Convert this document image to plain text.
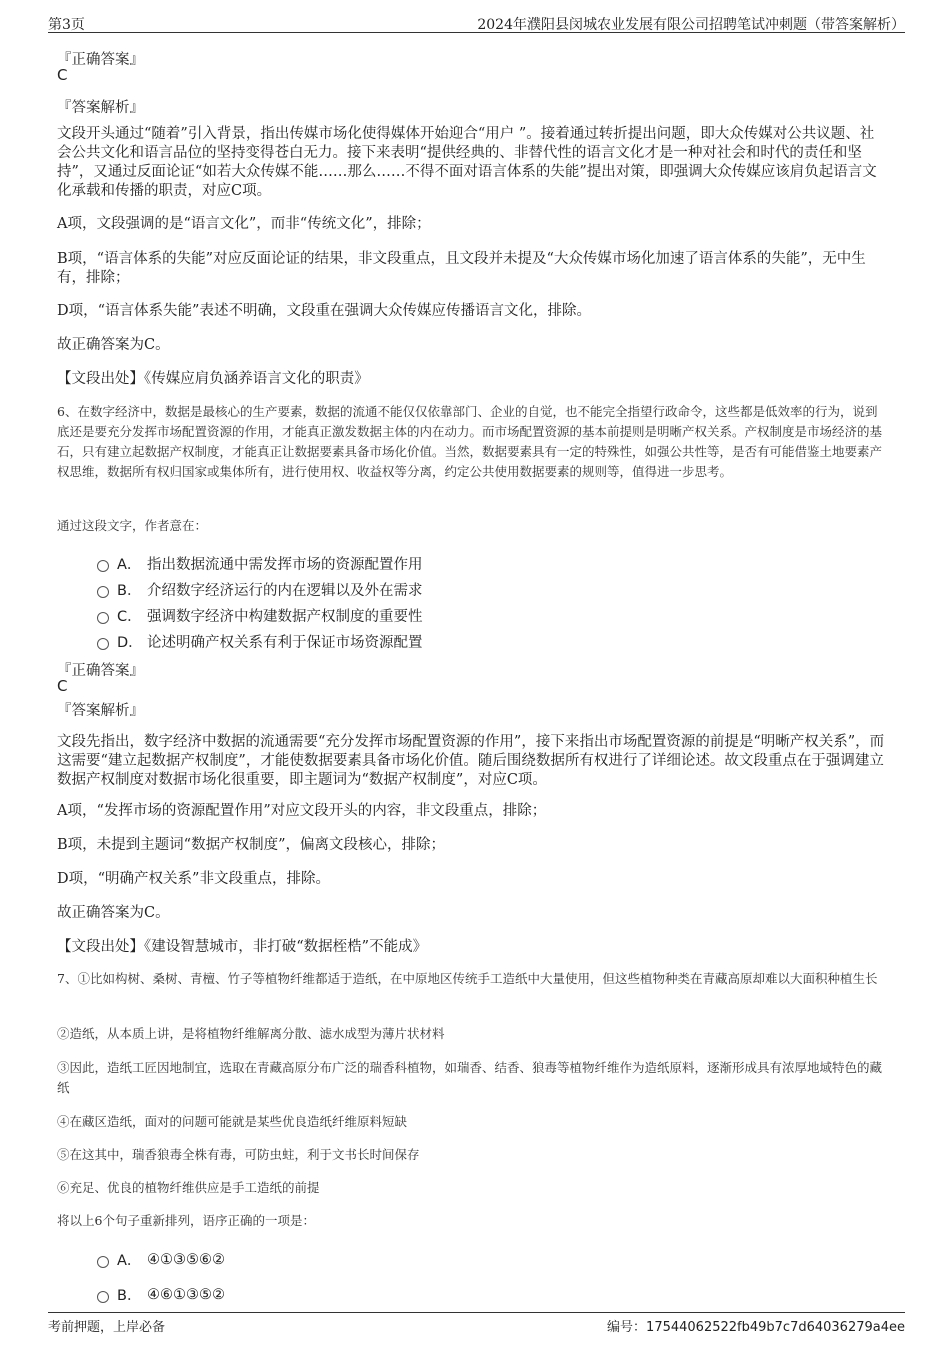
第3页	2024年濮阳县闵城农业发展有限公司招聘笔试冲刺题（带答案解析）
『正确答案』
C
『答案解析』
文段开头通过“随着”引入背景，指出传媒市场化使得媒体开始迎合“用户 ”。接着通过转折提出问题，即大众传媒对公共议题、社会公共文化和语言品位的坚持变得苍白无力。接下来表明“提供经典的、非替代性的语言文化才是一种对社会和时代的责任和坚持”，又通过反面论证“如若大众传媒不能……那么……不得不面对语言体系的失能”提出对策，即强调大众传媒应该肩负起语言文化承载和传播的职责，对应C项。
A项，文段强调的是“语言文化”，而非“传统文化”，排除；
B项，“语言体系的失能”对应反面论证的结果，非文段重点，且文段并未提及“大众传媒市场化加速了语言体系的失能”，无中生有，排除；
D项，“语言体系失能”表述不明确，文段重在强调大众传媒应传播语言文化，排除。
故正确答案为C。
【文段出处】《传媒应肩负涵养语言文化的职责》
6、在数字经济中，数据是最核心的生产要素，数据的流通不能仅仅依靠部门、企业的自觉，也不能完全指望行政命令，这些都是低效率的行为，说到底还是要充分发挥市场配置资源的作用，才能真正激发数据主体的内在动力。而市场配置资源的基本前提则是明晰产权关系。产权制度是市场经济的基石，只有建立起数据产权制度，才能真正让数据要素具备市场化价值。当然，数据要素具有一定的特殊性，如强公共性等，是否有可能借鉴土地要素产权思维，数据所有权归国家或集体所有，进行使用权、收益权等分离，约定公共使用数据要素的规则等，值得进一步思考。
通过这段文字，作者意在：
A． 指出数据流通中需发挥市场的资源配置作用
B． 介绍数字经济运行的内在逻辑以及外在需求
C． 强调数字经济中构建数据产权制度的重要性
D． 论述明确产权关系有利于保证市场资源配置
『正确答案』
C
『答案解析』
文段先指出，数字经济中数据的流通需要“充分发挥市场配置资源的作用”，接下来指出市场配置资源的前提是“明晰产权关系”，而这需要“建立起数据产权制度”，才能使数据要素具备市场化价值。随后围绕数据所有权进行了详细论述。故文段重点在于强调建立数据产权制度对数据市场化很重要，即主题词为“数据产权制度”，对应C项。
A项，“发挥市场的资源配置作用”对应文段开头的内容，非文段重点，排除；
B项，未提到主题词“数据产权制度”，偏离文段核心，排除；
D项，“明确产权关系”非文段重点，排除。
故正确答案为C。
【文段出处】《建设智慧城市，非打破“数据桎梏”不能成》
7、①比如构树、桑树、青檀、竹子等植物纤维都适于造纸，在中原地区传统手工造纸中大量使用，但这些植物种类在青藏高原却难以大面积种植生长
②造纸，从本质上讲，是将植物纤维解离分散、滤水成型为薄片状材料
③因此，造纸工匠因地制宜，选取在青藏高原分布广泛的瑞香科植物，如瑞香、结香、狼毒等植物纤维作为造纸原料，逐渐形成具有浓厚地域特色的藏纸
④在藏区造纸，面对的问题可能就是某些优良造纸纤维原料短缺
⑤在这其中，瑞香狼毒全株有毒，可防虫蛀，利于文书长时间保存
⑥充足、优良的植物纤维供应是手工造纸的前提
将以上6个句子重新排列，语序正确的一项是：
A． ④①③⑤⑥②
B． ④⑥①③⑤②
考前押题，上岸必备	编号：17544062522fb49b7c7d64036279a4ee
